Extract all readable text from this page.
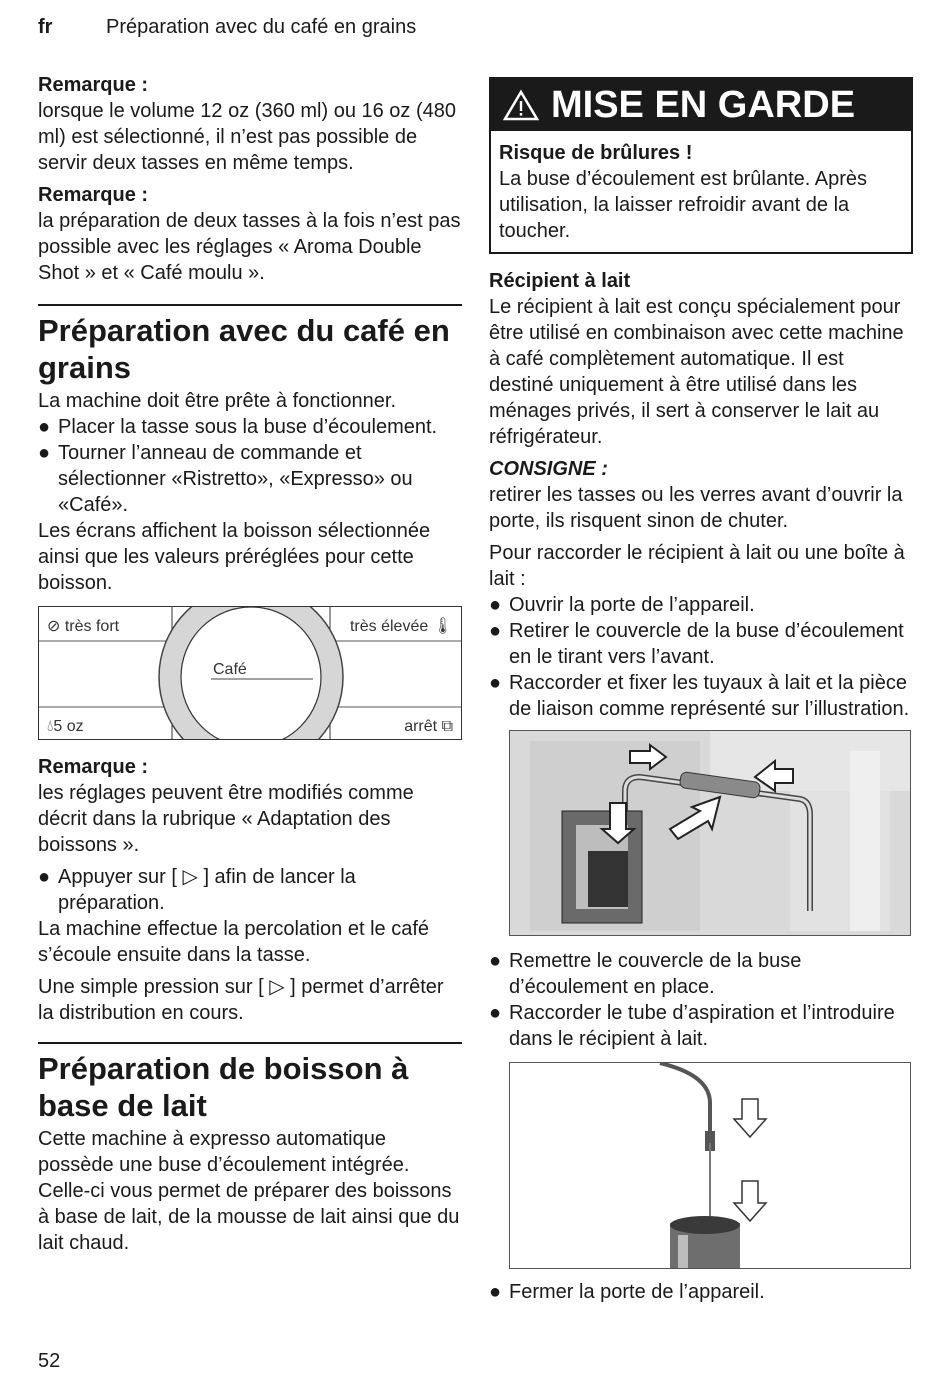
fr	Préparation avec du café en grains

Remarque :

lorsque le volume 12 oz (360 ml) ou 16 oz (480 ml) est sélectionné, il n’est pas possible de servir deux tasses en même temps.

Remarque :

la préparation de deux tasses à la fois n’est pas possible avec les réglages « Aroma Double Shot » et « Café moulu ».

Préparation avec du café en grains

La machine doit être prête à fonctionner.

● Placer la tasse sous la buse d’écoulement.
● Tourner l’anneau de commande et sélectionner «Ristretto», «Expresso» ou «Café».

Les écrans affichent la boisson sélectionnée ainsi que les valeurs préréglées pour cette boisson.

⊘ très fort	très élevée 🌡︎
Café
💧︎5 oz	arrêt ⧉

Remarque :

les réglages peuvent être modifiés comme décrit dans la rubrique « Adaptation des boissons ».

● Appuyer sur [ ▷ ] afin de lancer la préparation.

La machine effectue la percolation et le café s’écoule ensuite dans la tasse.

Une simple pression sur [ ▷ ] permet d’arrêter la distribution en cours.

Préparation de boisson à base de lait

Cette machine à expresso automatique possède une buse d’écoulement intégrée. Celle-ci vous permet de préparer des boissons à base de lait, de la mousse de lait ainsi que du lait chaud.

MISE EN GARDE

Risque de brûlures !

La buse d’écoulement est brûlante. Après utilisation, la laisser refroidir avant de la toucher.

Récipient à lait

Le récipient à lait est conçu spécialement pour être utilisé en combinaison avec cette machine à café complètement automatique. Il est destiné uniquement à être utilisé dans les ménages privés, il sert à conserver le lait au réfrigérateur.

CONSIGNE :

retirer les tasses ou les verres avant d’ouvrir la porte, ils risquent sinon de chuter.

Pour raccorder le récipient à lait ou une boîte à lait :

● Ouvrir la porte de l’appareil.
● Retirer le couvercle de la buse d’écoulement en le tirant vers l’avant.
● Raccorder et fixer les tuyaux à lait et la pièce de liaison comme représenté sur l’illustration.
● Remettre le couvercle de la buse d’écoulement en place.
● Raccorder le tube d’aspiration et l’introduire dans le récipient à lait.
● Fermer la porte de l’appareil.
52
